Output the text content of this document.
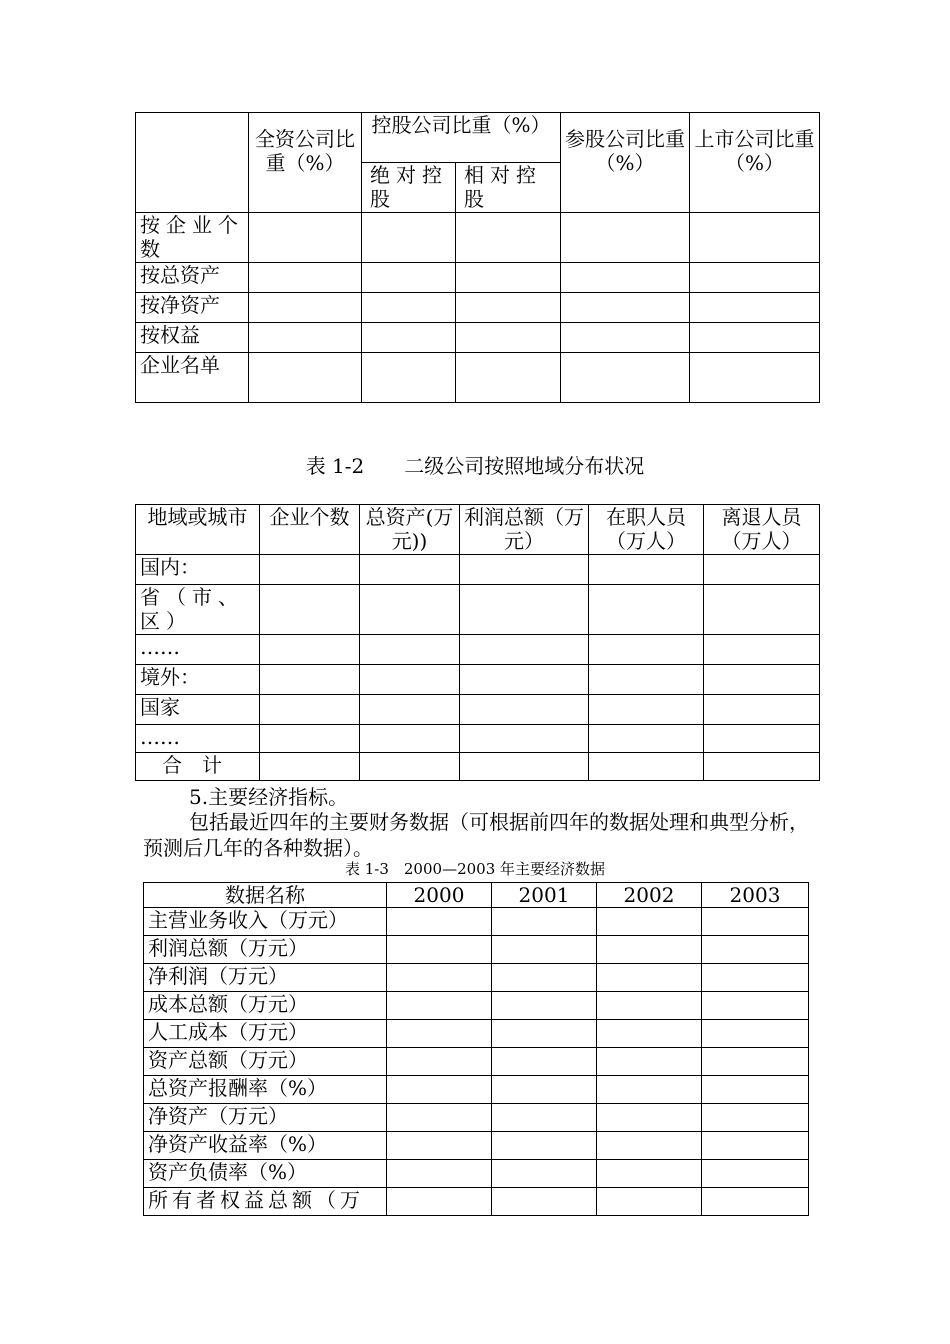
	全资公司比重（%）	控股公司比重（%）		参股公司比重（%）	上市公司比重（%）
		绝对控股	相对控股		
按企业个数					
按总资产					
按净资产					
按权益					
企业名单					
表 1-2　　二级公司按照地域分布状况
地域或城市	企业个数	总资产(万元))	利润总额（万元）	在职人员（万人）	离退人员（万人）
国内：					
省（市、区）					
……					
境外：					
国家					
……					
合　计					
5.主要经济指标。
包括最近四年的主要财务数据（可根据前四年的数据处理和典型分析，预测后几年的各种数据）。
表 1-3　2000—2003 年主要经济数据
数据名称	2000	2001	2002	2003
主营业务收入（万元）				
利润总额（万元）				
净利润（万元）				
成本总额（万元）				
人工成本（万元）				
资产总额（万元）				
总资产报酬率（%）				
净资产（万元）				
净资产收益率（%）				
资产负债率（%）				
所有者权益总额（万				
